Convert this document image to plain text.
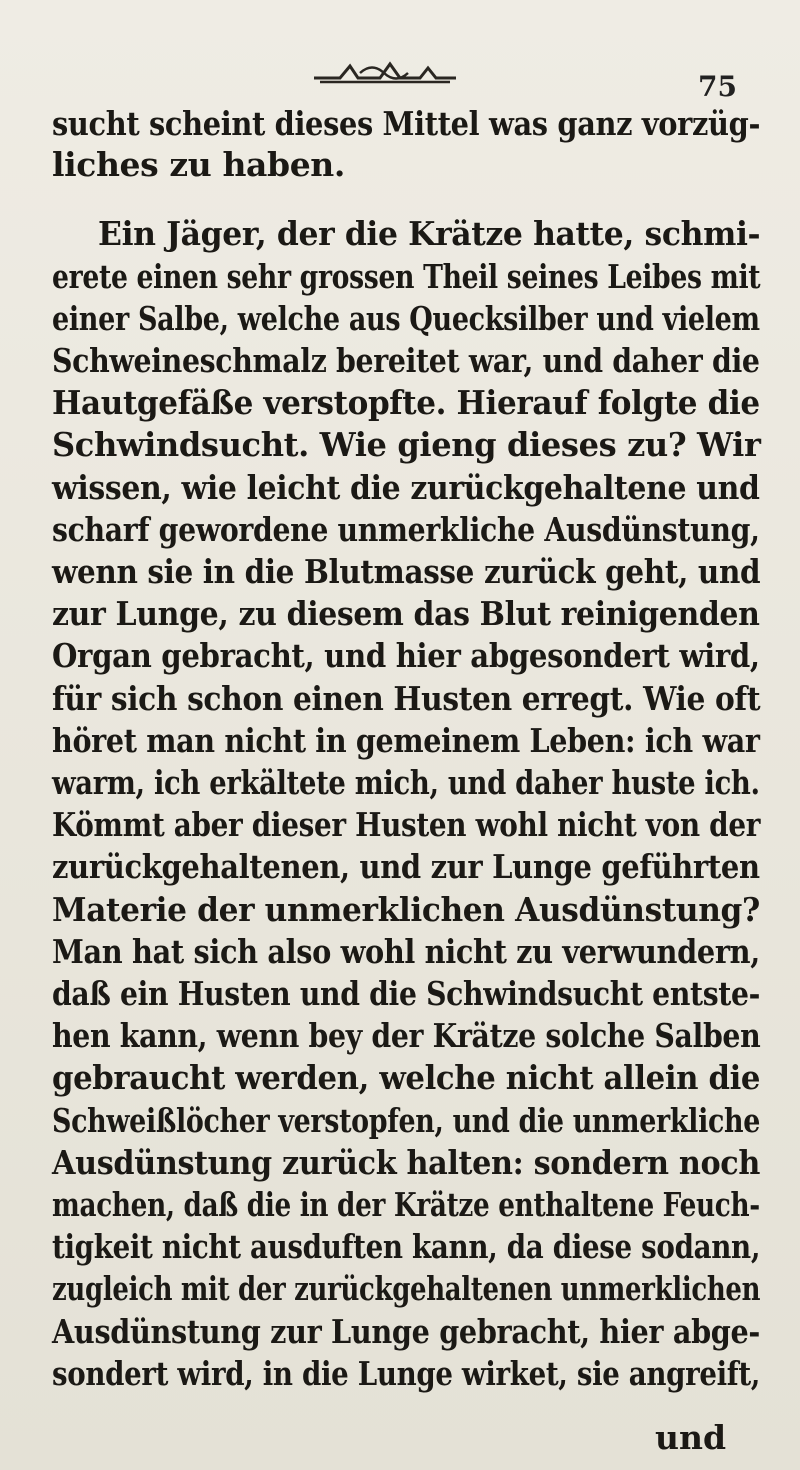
75
sucht scheint dieses Mittel was ganz vorzüg-
liches zu haben.
Ein Jäger, der die Krätze hatte, schmi-
erete einen sehr grossen Theil seines Leibes mit
einer Salbe, welche aus Quecksilber und vielem
Schweineschmalz bereitet war, und daher die
Hautgefäße verstopfte. Hierauf folgte die
Schwindsucht. Wie gieng dieses zu? Wir
wissen, wie leicht die zurückgehaltene und
scharf gewordene unmerkliche Ausdünstung,
wenn sie in die Blutmasse zurück geht, und
zur Lunge, zu diesem das Blut reinigenden
Organ gebracht, und hier abgesondert wird,
für sich schon einen Husten erregt. Wie oft
höret man nicht in gemeinem Leben: ich war
warm, ich erkältete mich, und daher huste ich.
Kömmt aber dieser Husten wohl nicht von der
zurückgehaltenen, und zur Lunge geführten
Materie der unmerklichen Ausdünstung?
Man hat sich also wohl nicht zu verwundern,
daß ein Husten und die Schwindsucht entste-
hen kann, wenn bey der Krätze solche Salben
gebraucht werden, welche nicht allein die
Schweißlöcher verstopfen, und die unmerkliche
Ausdünstung zurück halten: sondern noch
machen, daß die in der Krätze enthaltene Feuch-
tigkeit nicht ausduften kann, da diese sodann,
zugleich mit der zurückgehaltenen unmerklichen
Ausdünstung zur Lunge gebracht, hier abge-
sondert wird, in die Lunge wirket, sie angreift,
und
